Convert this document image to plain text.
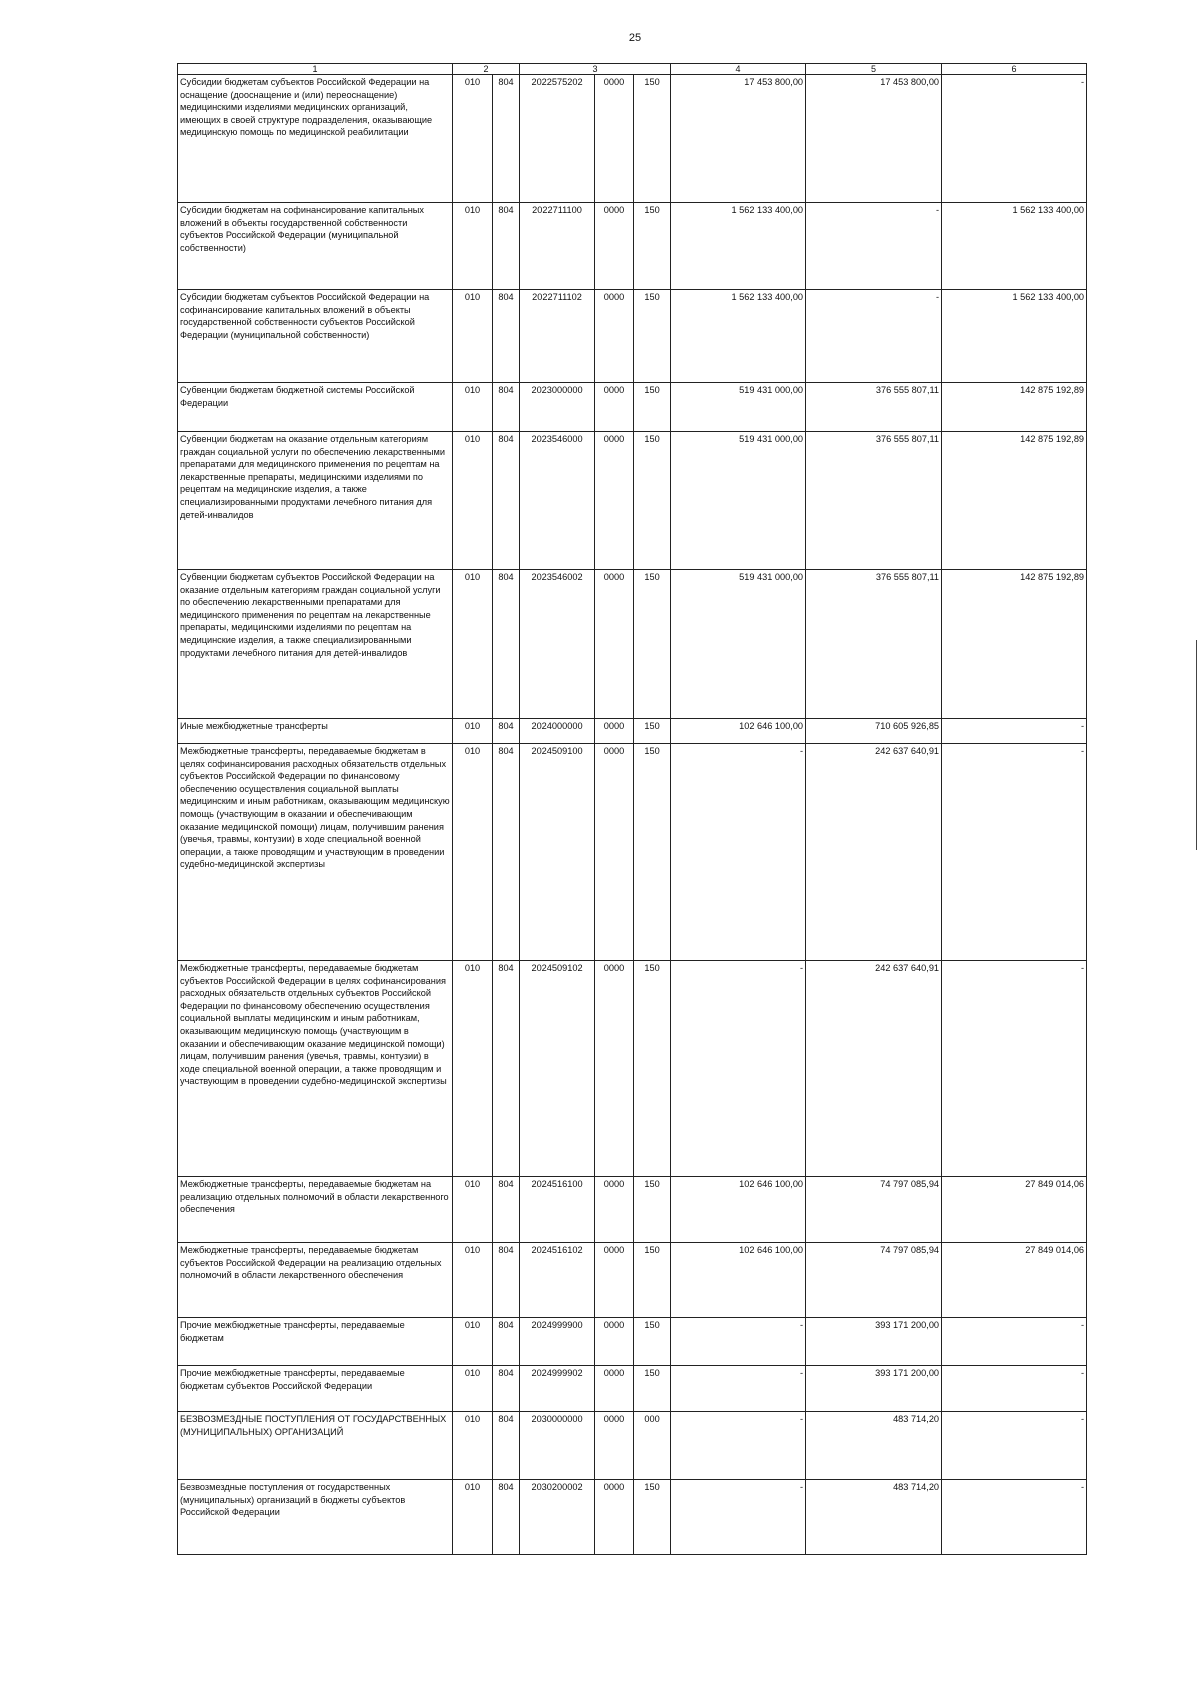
25
1	2		3			4	5	6
Субсидии бюджетам субъектов Российской Федерации на оснащение (дооснащение и (или) переоснащение) медицинскими изделиями медицинских организаций, имеющих в своей структуре подразделения, оказывающие медицинскую помощь по медицинской реабилитации	010	804	2022575202	0000	150	17 453 800,00	17 453 800,00	-
Субсидии бюджетам на софинансирование капитальных вложений в объекты государственной собственности субъектов Российской Федерации (муниципальной собственности)	010	804	2022711100	0000	150	1 562 133 400,00	-	1 562 133 400,00
Субсидии бюджетам субъектов Российской Федерации на софинансирование капитальных вложений в объекты государственной собственности субъектов Российской Федерации (муниципальной собственности)	010	804	2022711102	0000	150	1 562 133 400,00	-	1 562 133 400,00
Субвенции бюджетам бюджетной системы Российской Федерации	010	804	2023000000	0000	150	519 431 000,00	376 555 807,11	142 875 192,89
Субвенции бюджетам на оказание отдельным категориям граждан социальной услуги по обеспечению лекарственными препаратами для медицинского применения по рецептам на лекарственные препараты, медицинскими изделиями по рецептам на медицинские изделия, а также специализированными продуктами лечебного питания для детей-инвалидов	010	804	2023546000	0000	150	519 431 000,00	376 555 807,11	142 875 192,89
Субвенции бюджетам субъектов Российской Федерации на оказание отдельным категориям граждан социальной услуги по обеспечению лекарственными препаратами для медицинского применения по рецептам на лекарственные препараты, медицинскими изделиями по рецептам на медицинские изделия, а также специализированными продуктами лечебного питания для детей-инвалидов	010	804	2023546002	0000	150	519 431 000,00	376 555 807,11	142 875 192,89
Иные межбюджетные трансферты	010	804	2024000000	0000	150	102 646 100,00	710 605 926,85	-
Межбюджетные трансферты, передаваемые бюджетам в целях софинансирования расходных обязательств отдельных субъектов Российской Федерации по финансовому обеспечению осуществления социальной выплаты медицинским и иным работникам, оказывающим медицинскую помощь (участвующим в оказании и обеспечивающим оказание медицинской помощи) лицам, получившим ранения (увечья, травмы, контузии) в ходе специальной военной операции, а также проводящим и участвующим в проведении судебно-медицинской экспертизы	010	804	2024509100	0000	150	-	242 637 640,91	-
Межбюджетные трансферты, передаваемые бюджетам субъектов Российской Федерации в целях софинансирования расходных обязательств отдельных субъектов Российской Федерации по финансовому обеспечению осуществления социальной выплаты медицинским и иным работникам, оказывающим медицинскую помощь (участвующим в оказании и обеспечивающим оказание медицинской помощи) лицам, получившим ранения (увечья, травмы, контузии) в ходе специальной военной операции, а также проводящим и участвующим в проведении судебно-медицинской экспертизы	010	804	2024509102	0000	150	-	242 637 640,91	-
Межбюджетные трансферты, передаваемые бюджетам на реализацию отдельных полномочий в области лекарственного обеспечения	010	804	2024516100	0000	150	102 646 100,00	74 797 085,94	27 849 014,06
Межбюджетные трансферты, передаваемые бюджетам субъектов Российской Федерации на реализацию отдельных полномочий в области лекарственного обеспечения	010	804	2024516102	0000	150	102 646 100,00	74 797 085,94	27 849 014,06
Прочие межбюджетные трансферты, передаваемые бюджетам	010	804	2024999900	0000	150	-	393 171 200,00	-
Прочие межбюджетные трансферты, передаваемые бюджетам субъектов Российской Федерации	010	804	2024999902	0000	150	-	393 171 200,00	-
БЕЗВОЗМЕЗДНЫЕ ПОСТУПЛЕНИЯ ОТ ГОСУДАРСТВЕННЫХ (МУНИЦИПАЛЬНЫХ) ОРГАНИЗАЦИЙ	010	804	2030000000	0000	000	-	483 714,20	-
Безвозмездные поступления от государственных (муниципальных) организаций в бюджеты субъектов Российской Федерации	010	804	2030200002	0000	150	-	483 714,20	-
